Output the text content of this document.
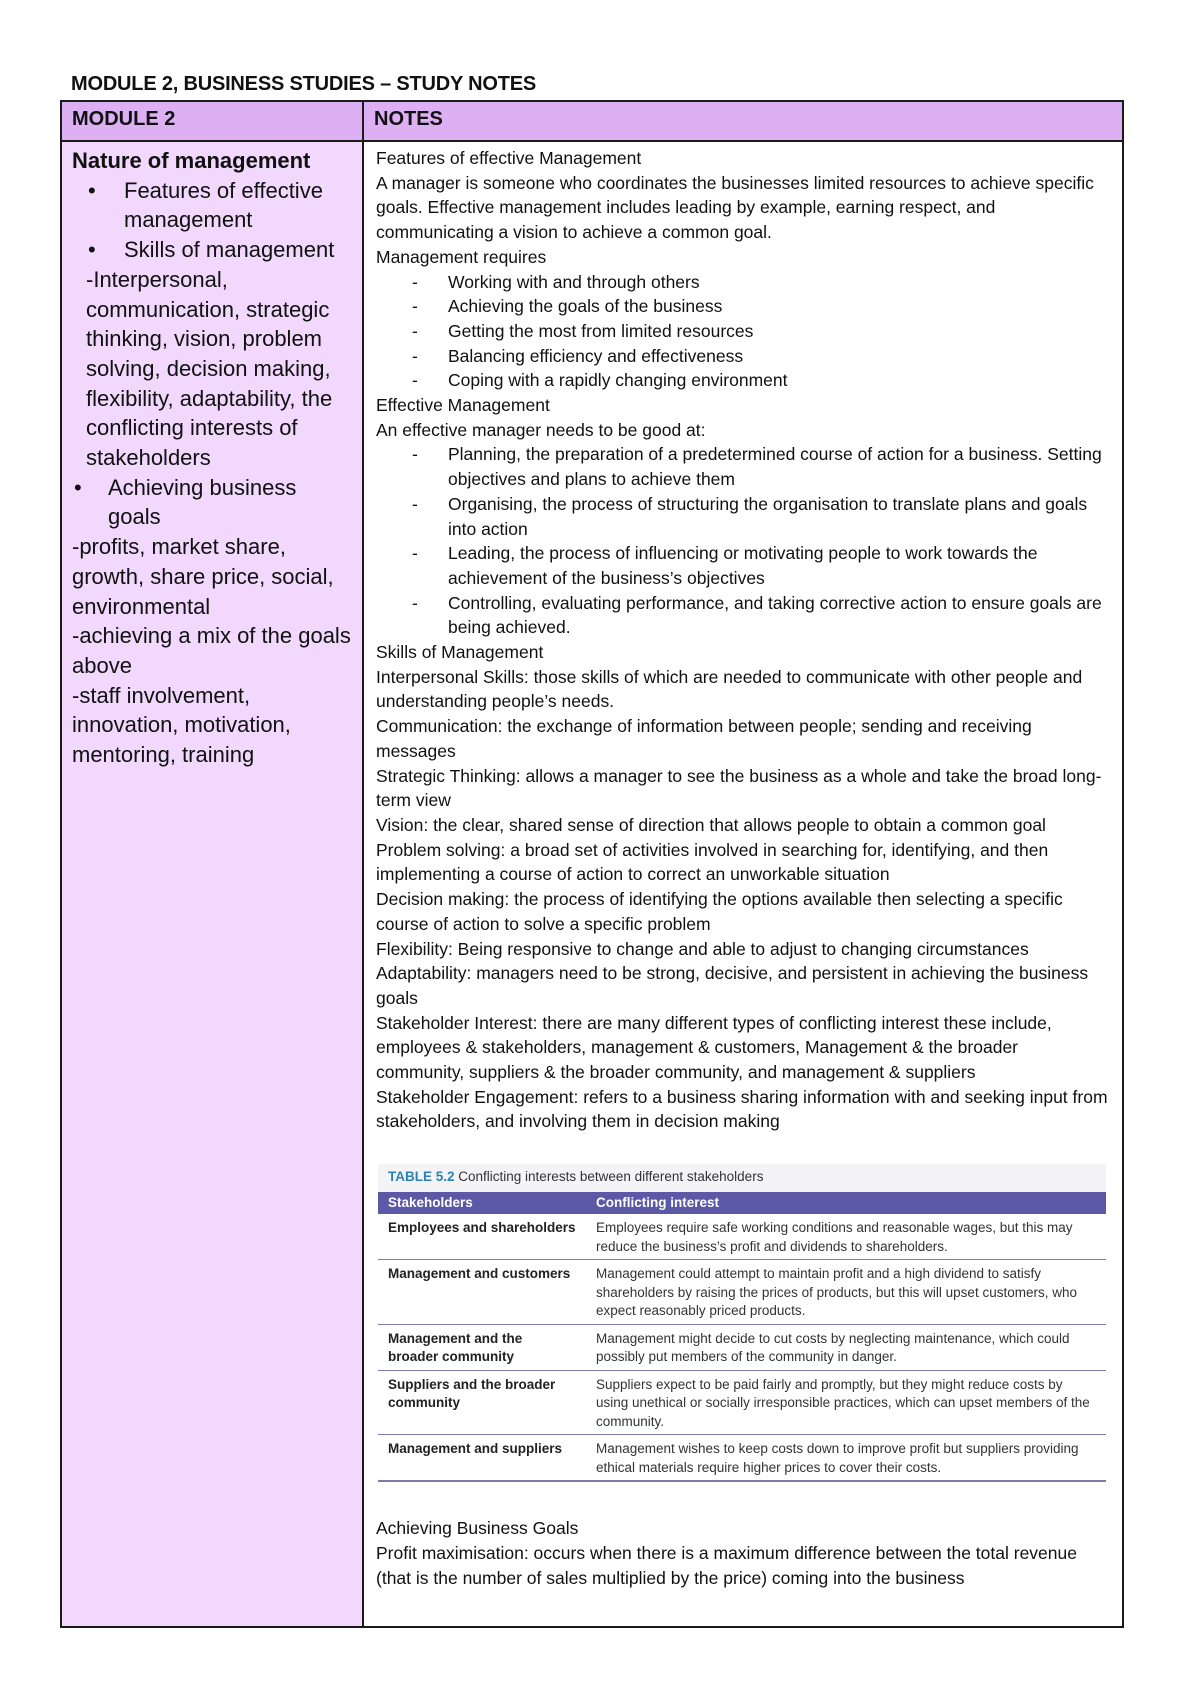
MODULE 2, BUSINESS STUDIES – STUDY NOTES
MODULE 2	NOTES
Nature of management
• Features of effective management
• Skills of management
-Interpersonal, communication, strategic thinking, vision, problem solving, decision making, flexibility, adaptability, the conflicting interests of stakeholders
• Achieving business goals
-profits, market share, growth, share price, social, environmental
-achieving a mix of the goals above
-staff involvement, innovation, motivation, mentoring, training

Features of effective Management

A manager is someone who coordinates the businesses limited resources to achieve specific goals. Effective management includes leading by example, earning respect, and communicating a vision to achieve a common goal.

Management requires

- Working with and through others
- Achieving the goals of the business
- Getting the most from limited resources
- Balancing efficiency and effectiveness
- Coping with a rapidly changing environment

Effective Management

An effective manager needs to be good at:

- Planning, the preparation of a predetermined course of action for a business. Setting objectives and plans to achieve them
- Organising, the process of structuring the organisation to translate plans and goals into action
- Leading, the process of influencing or motivating people to work towards the achievement of the business’s objectives
- Controlling, evaluating performance, and taking corrective action to ensure goals are being achieved.

Skills of Management

Interpersonal Skills: those skills of which are needed to communicate with other people and understanding people’s needs.

Communication: the exchange of information between people; sending and receiving messages

Strategic Thinking: allows a manager to see the business as a whole and take the broad long-term view

Vision: the clear, shared sense of direction that allows people to obtain a common goal

Problem solving: a broad set of activities involved in searching for, identifying, and then implementing a course of action to correct an unworkable situation

Decision making: the process of identifying the options available then selecting a specific course of action to solve a specific problem

Flexibility: Being responsive to change and able to adjust to changing circumstances

Adaptability: managers need to be strong, decisive, and persistent in achieving the business goals

Stakeholder Interest: there are many different types of conflicting interest these include, employees & stakeholders, management & customers, Management & the broader community, suppliers & the broader community, and management & suppliers

Stakeholder Engagement: refers to a business sharing information with and seeking input from stakeholders, and involving them in decision making

TABLE 5.2 Conflicting interests between different stakeholders
Stakeholders	Conflicting interest
Employees and shareholders	Employees require safe working conditions and reasonable wages, but this may reduce the business’s profit and dividends to shareholders.
Management and customers	Management could attempt to maintain profit and a high dividend to satisfy shareholders by raising the prices of products, but this will upset customers, who expect reasonably priced products.
Management and the broader community	Management might decide to cut costs by neglecting maintenance, which could possibly put members of the community in danger.
Suppliers and the broader community	Suppliers expect to be paid fairly and promptly, but they might reduce costs by using unethical or socially irresponsible practices, which can upset members of the community.
Management and suppliers	Management wishes to keep costs down to improve profit but suppliers providing ethical materials require higher prices to cover their costs.

Achieving Business Goals

Profit maximisation: occurs when there is a maximum difference between the total revenue (that is the number of sales multiplied by the price) coming into the business
